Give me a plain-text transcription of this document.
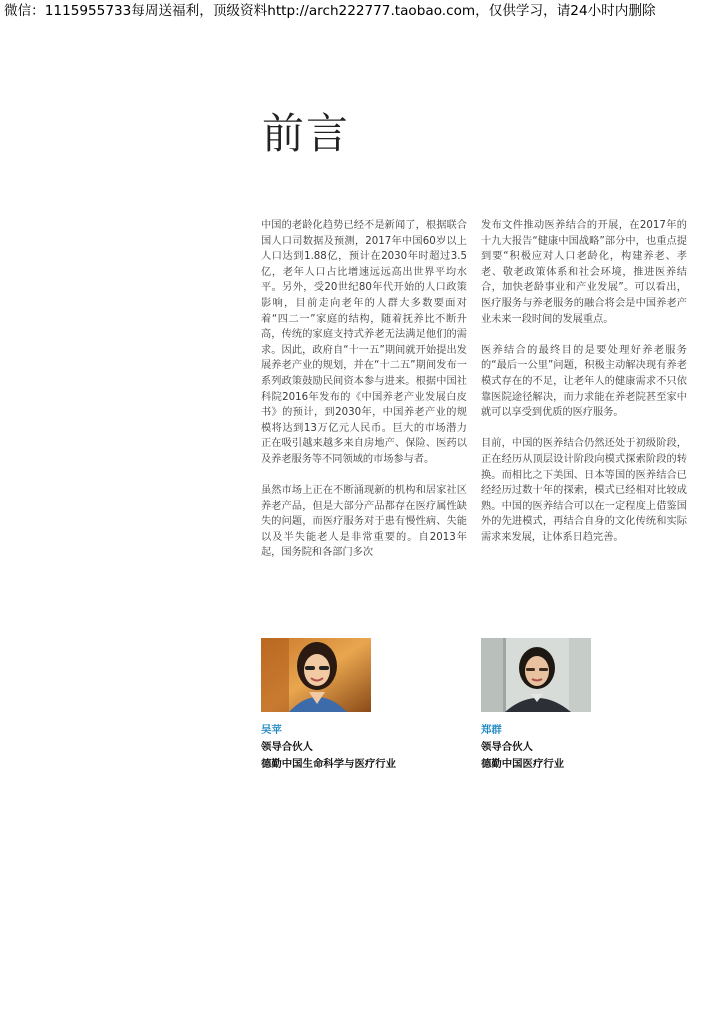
微信：1115955733每周送福利，顶级资料http://arch222777.taobao.com，仅供学习，请24小时内删除
前言

中国的老龄化趋势已经不是新闻了，根据联合国人口司数据及预测，2017年中国60岁以上人口达到1.88亿，预计在2030年时超过3.5亿，老年人口占比增速远远高出世界平均水平。另外，受20世纪80年代开始的人口政策影响，目前走向老年的人群大多数要面对着“四二一”家庭的结构，随着抚养比不断升高，传统的家庭支持式养老无法满足他们的需求。因此，政府自“十一五”期间就开始提出发展养老产业的规划，并在“十二五”期间发布一系列政策鼓励民间资本参与进来。根据中国社科院2016年发布的《中国养老产业发展白皮书》的预计，到2030年，中国养老产业的规模将达到13万亿元人民币。巨大的市场潜力正在吸引越来越多来自房地产、保险、医药以及养老服务等不同领域的市场参与者。

虽然市场上正在不断涌现新的机构和居家社区养老产品，但是大部分产品都存在医疗属性缺失的问题，而医疗服务对于患有慢性病、失能以及半失能老人是非常重要的。自2013年起，国务院和各部门多次

发布文件推动医养结合的开展，在2017年的十九大报告“健康中国战略”部分中，也重点提到要“积极应对人口老龄化，构建养老、孝老、敬老政策体系和社会环境，推进医养结合，加快老龄事业和产业发展”。可以看出，医疗服务与养老服务的融合将会是中国养老产业未来一段时间的发展重点。

医养结合的最终目的是要处理好养老服务的“最后一公里”问题，积极主动解决现有养老模式存在的不足，让老年人的健康需求不只依靠医院途径解决，而力求能在养老院甚至家中就可以享受到优质的医疗服务。

目前，中国的医养结合仍然还处于初级阶段，正在经历从顶层设计阶段向模式探索阶段的转换。而相比之下美国、日本等国的医养结合已经经历过数十年的探索，模式已经相对比较成熟。中国的医养结合可以在一定程度上借鉴国外的先进模式，再结合自身的文化传统和实际需求来发展，让体系日趋完善。

吴苹
领导合伙人
德勤中国生命科学与医疗行业
郑群
领导合伙人
德勤中国医疗行业
